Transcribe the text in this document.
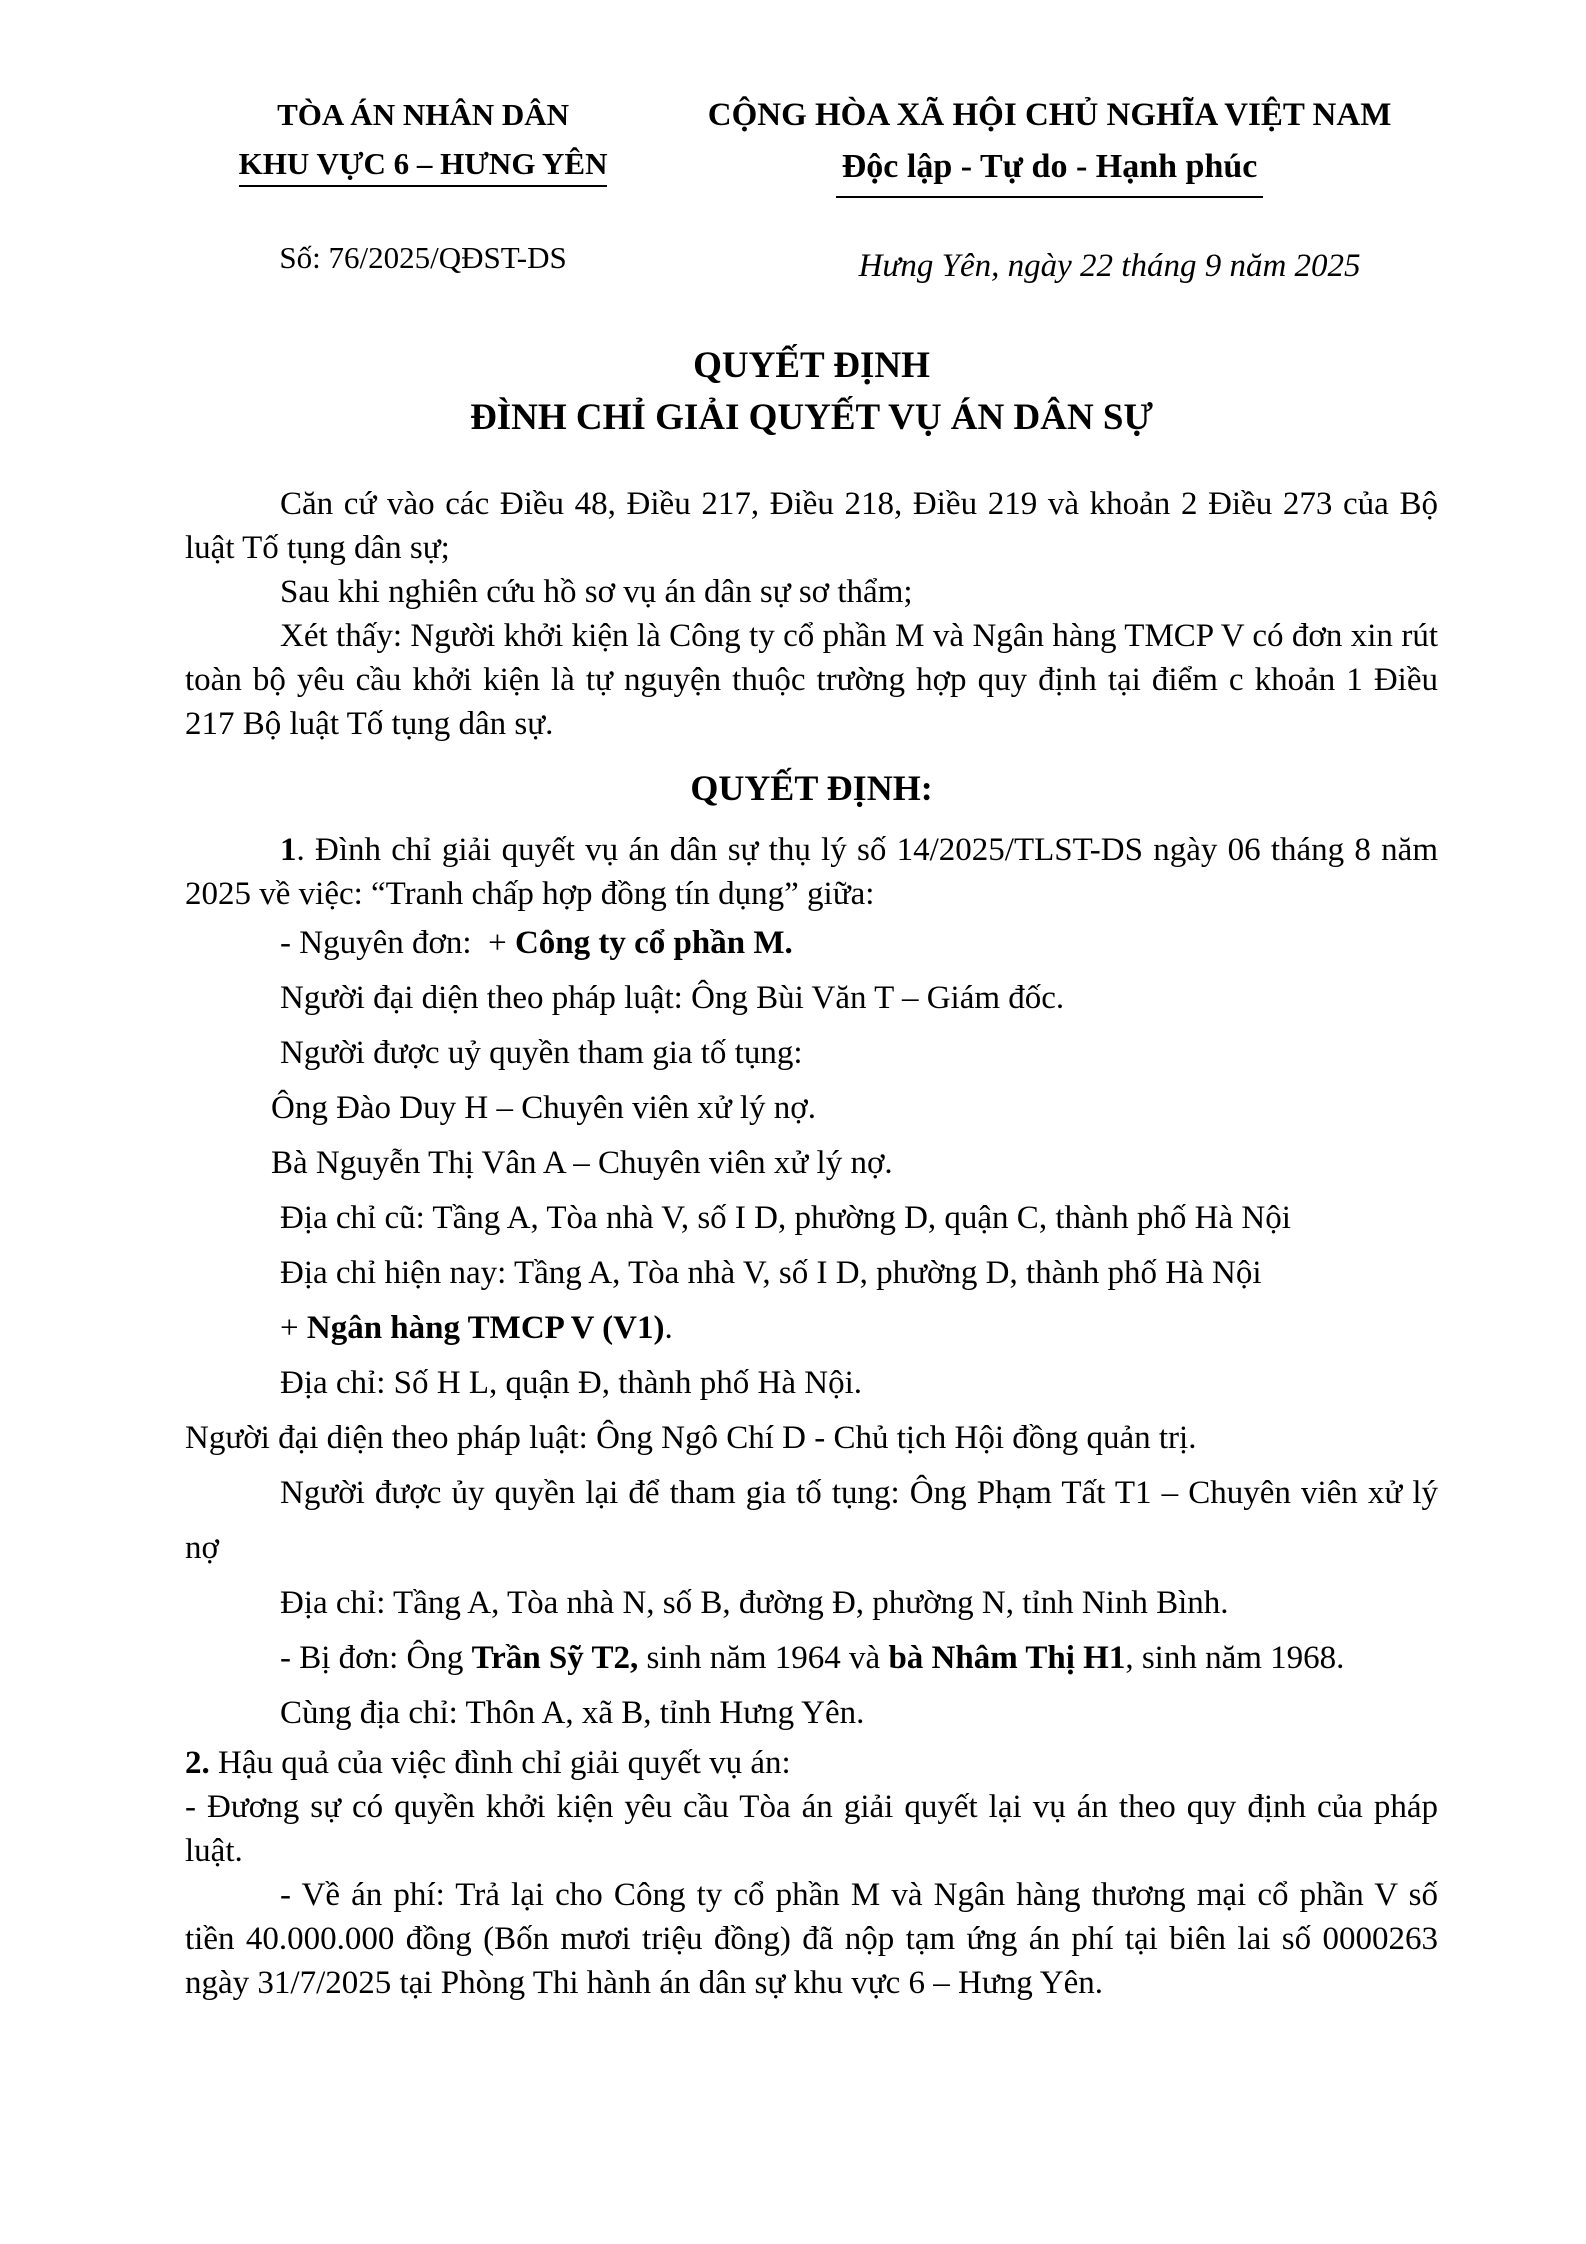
TÒA ÁN NHÂN DÂN
KHU VỰC 6 – HƯNG YÊN
Số: 76/2025/QĐST-DS
CỘNG HÒA XÃ HỘI CHỦ NGHĨA VIỆT NAM
Độc lập - Tự do - Hạnh phúc
Hưng Yên, ngày 22 tháng 9 năm 2025
QUYẾT ĐỊNH
ĐÌNH CHỈ GIẢI QUYẾT VỤ ÁN DÂN SỰ

Căn cứ vào các Điều 48, Điều 217, Điều 218, Điều 219 và khoản 2 Điều 273 của Bộ luật Tố tụng dân sự;

Sau khi nghiên cứu hồ sơ vụ án dân sự sơ thẩm;

Xét thấy: Người khởi kiện là Công ty cổ phần M và Ngân hàng TMCP V có đơn xin rút toàn bộ yêu cầu khởi kiện là tự nguyện thuộc trường hợp quy định tại điểm c khoản 1 Điều 217 Bộ luật Tố tụng dân sự.

QUYẾT ĐỊNH:

1. Đình chỉ giải quyết vụ án dân sự thụ lý số 14/2025/TLST-DS ngày 06 tháng 8 năm 2025 về việc: “Tranh chấp hợp đồng tín dụng” giữa:

- Nguyên đơn:  + Công ty cổ phần M.

Người đại diện theo pháp luật: Ông Bùi Văn T – Giám đốc.

Người được uỷ quyền tham gia tố tụng:

Ông Đào Duy H – Chuyên viên xử lý nợ.

Bà Nguyễn Thị Vân A – Chuyên viên xử lý nợ.

Địa chỉ cũ: Tầng A, Tòa nhà V, số I D, phường D, quận C, thành phố Hà Nội

Địa chỉ hiện nay: Tầng A, Tòa nhà V, số I D, phường D, thành phố Hà Nội

+ Ngân hàng TMCP V (V1).

Địa chỉ: Số H L, quận Đ, thành phố Hà Nội.

Người đại diện theo pháp luật: Ông Ngô Chí D - Chủ tịch Hội đồng quản trị.

Người được ủy quyền lại để tham gia tố tụng: Ông Phạm Tất T1 – Chuyên viên xử lý nợ

Địa chỉ: Tầng A, Tòa nhà N, số B, đường Đ, phường N, tỉnh Ninh Bình.

- Bị đơn: Ông Trần Sỹ T2, sinh năm 1964 và bà Nhâm Thị H1, sinh năm 1968.

Cùng địa chỉ: Thôn A, xã B, tỉnh Hưng Yên.

2. Hậu quả của việc đình chỉ giải quyết vụ án:

- Đương sự có quyền khởi kiện yêu cầu Tòa án giải quyết lại vụ án theo quy định của pháp luật.

- Về án phí: Trả lại cho Công ty cổ phần M và Ngân hàng thương mại cổ phần V số tiền 40.000.000 đồng (Bốn mươi triệu đồng) đã nộp tạm ứng án phí tại biên lai số 0000263 ngày 31/7/2025 tại Phòng Thi hành án dân sự khu vực 6 – Hưng Yên.
